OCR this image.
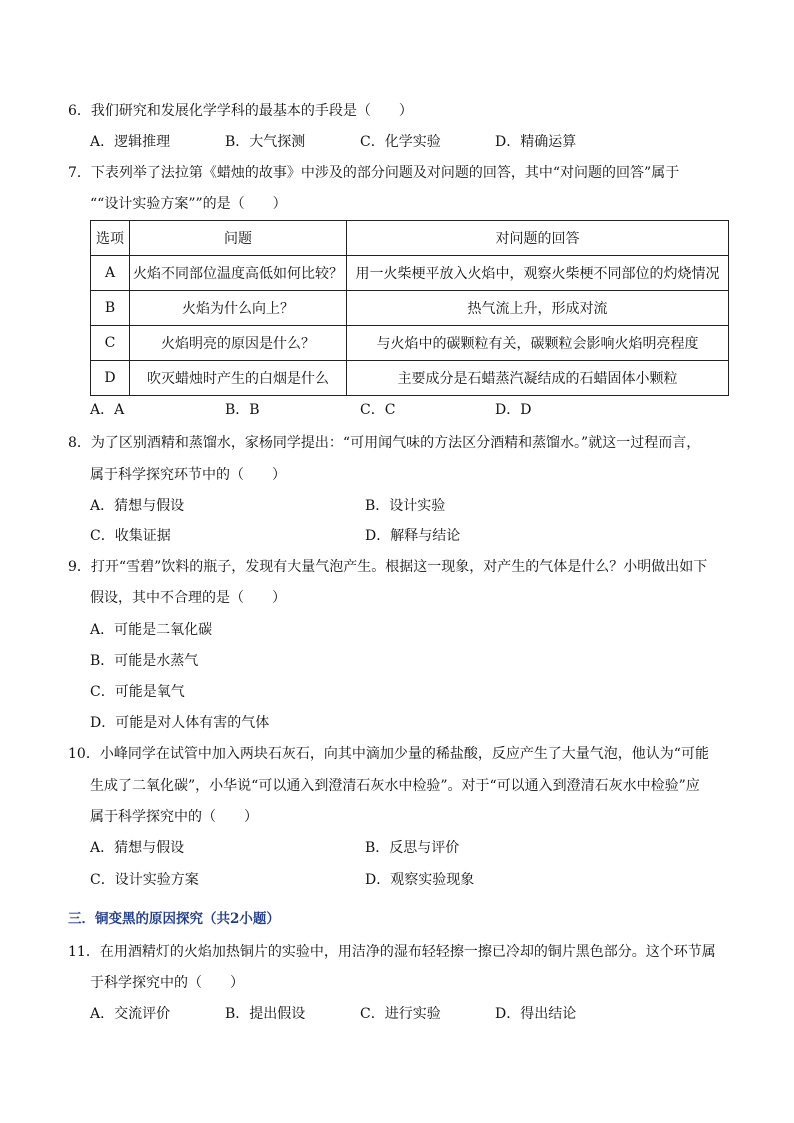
6．我们研究和发展化学学科的最基本的手段是（　　）
A．逻辑推理	B．大气探测	C．化学实验	D．精确运算
7．下表列举了法拉第《蜡烛的故事》中涉及的部分问题及对问题的回答，其中“对问题的回答”属于
““设计实验方案””的是（　　）
选项	问题	对问题的回答
A	火焰不同部位温度高低如何比较？	用一火柴梗平放入火焰中，观察火柴梗不同部位的灼烧情况
B	火焰为什么向上？	热气流上升，形成对流
C	火焰明亮的原因是什么？	与火焰中的碳颗粒有关，碳颗粒会影响火焰明亮程度
D	吹灭蜡烛时产生的白烟是什么	主要成分是石蜡蒸汽凝结成的石蜡固体小颗粒
A．A	B．B	C．C	D．D
8．为了区别酒精和蒸馏水，家杨同学提出：“可用闻气味的方法区分酒精和蒸馏水。”就这一过程而言，
属于科学探究环节中的（　　）
A．猜想与假设	B．设计实验
C．收集证据	D．解释与结论
9．打开“雪碧”饮料的瓶子，发现有大量气泡产生。根据这一现象，对产生的气体是什么？小明做出如下
假设，其中不合理的是（　　）
A．可能是二氧化碳
B．可能是水蒸气
C．可能是氧气
D．可能是对人体有害的气体
10．小峰同学在试管中加入两块石灰石，向其中滴加少量的稀盐酸，反应产生了大量气泡，他认为“可能
生成了二氧化碳”，小华说“可以通入到澄清石灰水中检验”。对于“可以通入到澄清石灰水中检验”应
属于科学探究中的（　　）
A．猜想与假设	B．反思与评价
C．设计实验方案	D．观察实验现象
三．铜变黑的原因探究（共2小题）
11．在用酒精灯的火焰加热铜片的实验中，用洁净的湿布轻轻擦一擦已冷却的铜片黑色部分。这个环节属
于科学探究中的（　　）
A．交流评价	B．提出假设	C．进行实验	D．得出结论
